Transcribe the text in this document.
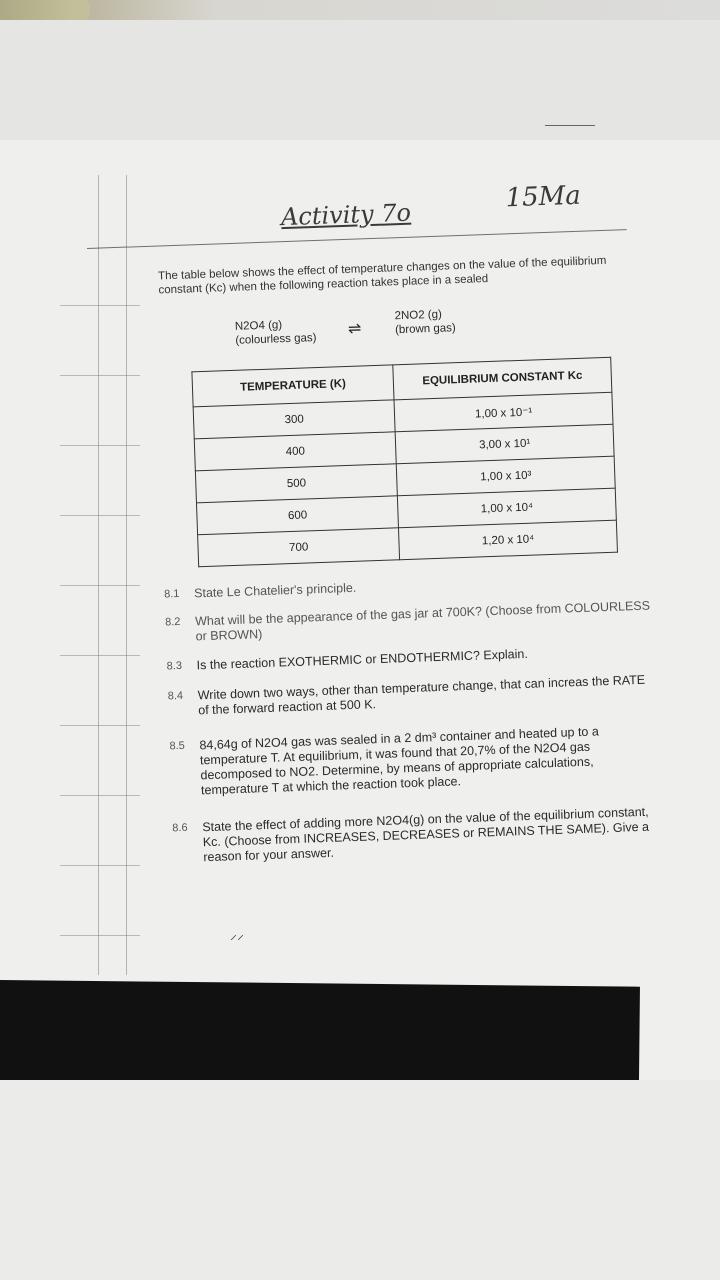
Activity 7o
15Ma
The table below shows the effect of temperature changes on the value of the equilibrium constant (Kc) when the following reaction takes place in a sealed
N2O4 (g)
(colourless gas)
⇌
2NO2 (g)
(brown gas)
TEMPERATURE (K)	EQUILIBRIUM CONSTANT Kc
300	1,00 x 10⁻¹
400	3,00 x 10¹
500	1,00 x 10³
600	1,00 x 10⁴
700	1,20 x 10⁴
8.1	State Le Chatelier's principle.
8.2	What will be the appearance of the gas jar at 700K? (Choose from COLOURLESS or BROWN)
8.3	Is the reaction EXOTHERMIC or ENDOTHERMIC? Explain.
8.4	Write down two ways, other than temperature change, that can increas the RATE of the forward reaction at 500 K.
8.5	84,64g of N2O4 gas was sealed in a 2 dm³ container and heated up to a temperature T. At equilibrium, it was found that 20,7% of the N2O4 gas decomposed to NO2. Determine, by means of appropriate calculations, temperature T at which the reaction took place.
8.6	State the effect of adding more N2O4(g) on the value of the equilibrium constant, Kc. (Choose from INCREASES, DECREASES or REMAINS THE SAME). Give a reason for your answer.
⸝⸝
